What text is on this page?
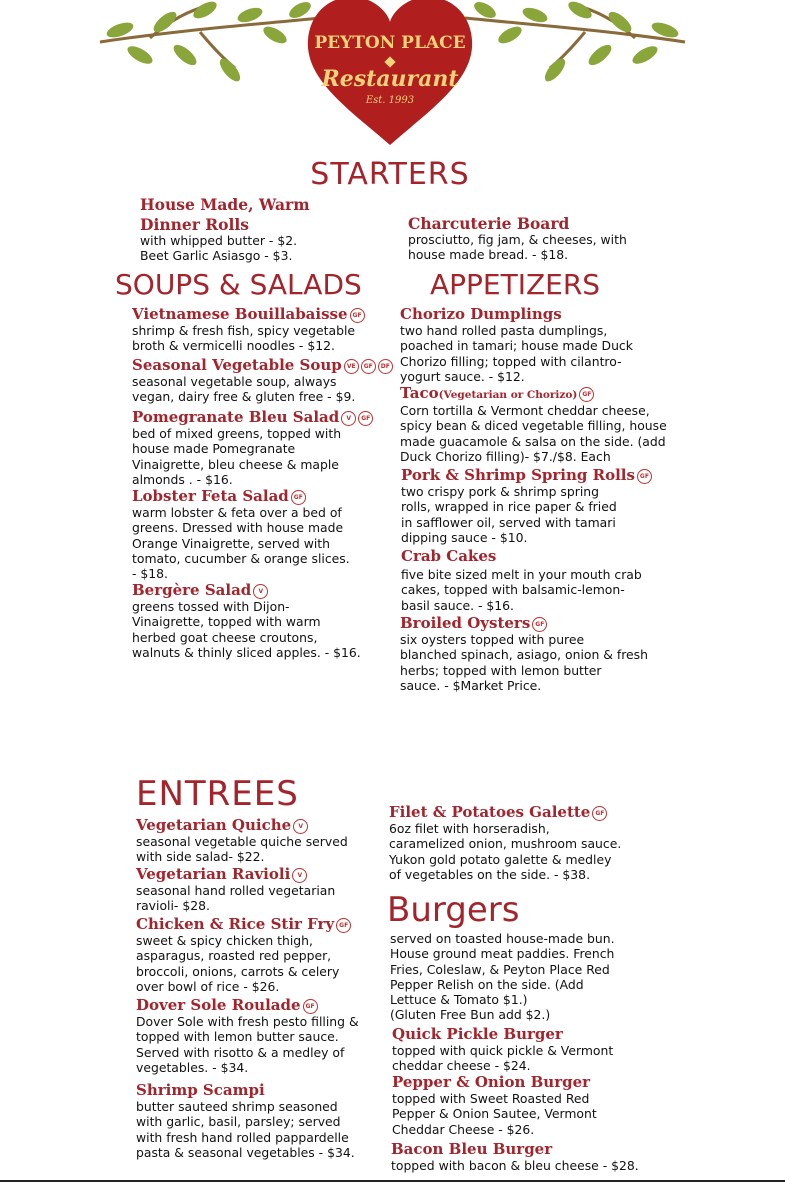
PEYTON PLACE
Restaurant
Est. 1993
STARTERS
House Made, Warm
Dinner Rolls
with whipped butter - $2.
Beet Garlic Asiasgo - $3.
Charcuterie Board
prosciutto, fig jam, & cheeses, with
house made bread. - $18.
SOUPS & SALADS	APPETIZERS
Vietnamese Bouillabaisse GF
shrimp & fresh fish, spicy vegetable
broth & vermicelli noodles - $12.
Seasonal Vegetable Soup VE GF DF
seasonal vegetable soup, always
vegan, dairy free & gluten free - $9.
Pomegranate Bleu Salad V GF
bed of mixed greens, topped with
house made Pomegranate
Vinaigrette, bleu cheese & maple
almonds . - $16.
Lobster Feta Salad GF
warm lobster & feta over a bed of
greens. Dressed with house made
Orange Vinaigrette, served with
tomato, cucumber & orange slices.
- $18.
Bergère Salad V
greens tossed with Dijon-
Vinaigrette, topped with warm
herbed goat cheese croutons,
walnuts & thinly sliced apples. - $16.
Chorizo Dumplings
two hand rolled pasta dumplings,
poached in tamari; house made Duck
Chorizo filling; topped with cilantro-
yogurt sauce. - $12.
Taco(Vegetarian or Chorizo) GF
Corn tortilla & Vermont cheddar cheese,
spicy bean & diced vegetable filling, house
made guacamole & salsa on the side. (add
Duck Chorizo filling)- $7./$8. Each
Pork & Shrimp Spring Rolls GF
two crispy pork & shrimp spring
rolls, wrapped in rice paper & fried
in safflower oil, served with tamari
dipping sauce - $10.
Crab Cakes
five bite sized melt in your mouth crab
cakes, topped with balsamic-lemon-
basil sauce. - $16.
Broiled Oysters GF
six oysters topped with puree
blanched spinach, asiago, onion & fresh
herbs; topped with lemon butter
sauce. - $Market Price.
ENTREES
Vegetarian Quiche V
seasonal vegetable quiche served
with side salad- $22.
Vegetarian Ravioli V
seasonal hand rolled vegetarian
ravioli- $28.
Chicken & Rice Stir Fry GF
sweet & spicy chicken thigh,
asparagus, roasted red pepper,
broccoli, onions, carrots & celery
over bowl of rice - $26.
Dover Sole Roulade GF
Dover Sole with fresh pesto filling &
topped with lemon butter sauce.
Served with risotto & a medley of
vegetables. - $34.
Shrimp Scampi
butter sauteed shrimp seasoned
with garlic, basil, parsley; served
with fresh hand rolled pappardelle
pasta & seasonal vegetables - $34.
Filet & Potatoes Galette GF
6oz filet with horseradish,
caramelized onion, mushroom sauce.
Yukon gold potato galette & medley
of vegetables on the side. - $38.
Burgers
served on toasted house-made bun.
House ground meat paddies. French
Fries, Coleslaw, & Peyton Place Red
Pepper Relish on the side. (Add
Lettuce & Tomato $1.)
(Gluten Free Bun add $2.)
Quick Pickle Burger
topped with quick pickle & Vermont
cheddar cheese - $24.
Pepper & Onion Burger
topped with Sweet Roasted Red
Pepper & Onion Sautee, Vermont
Cheddar Cheese - $26.
Bacon Bleu Burger
topped with bacon & bleu cheese - $28.
